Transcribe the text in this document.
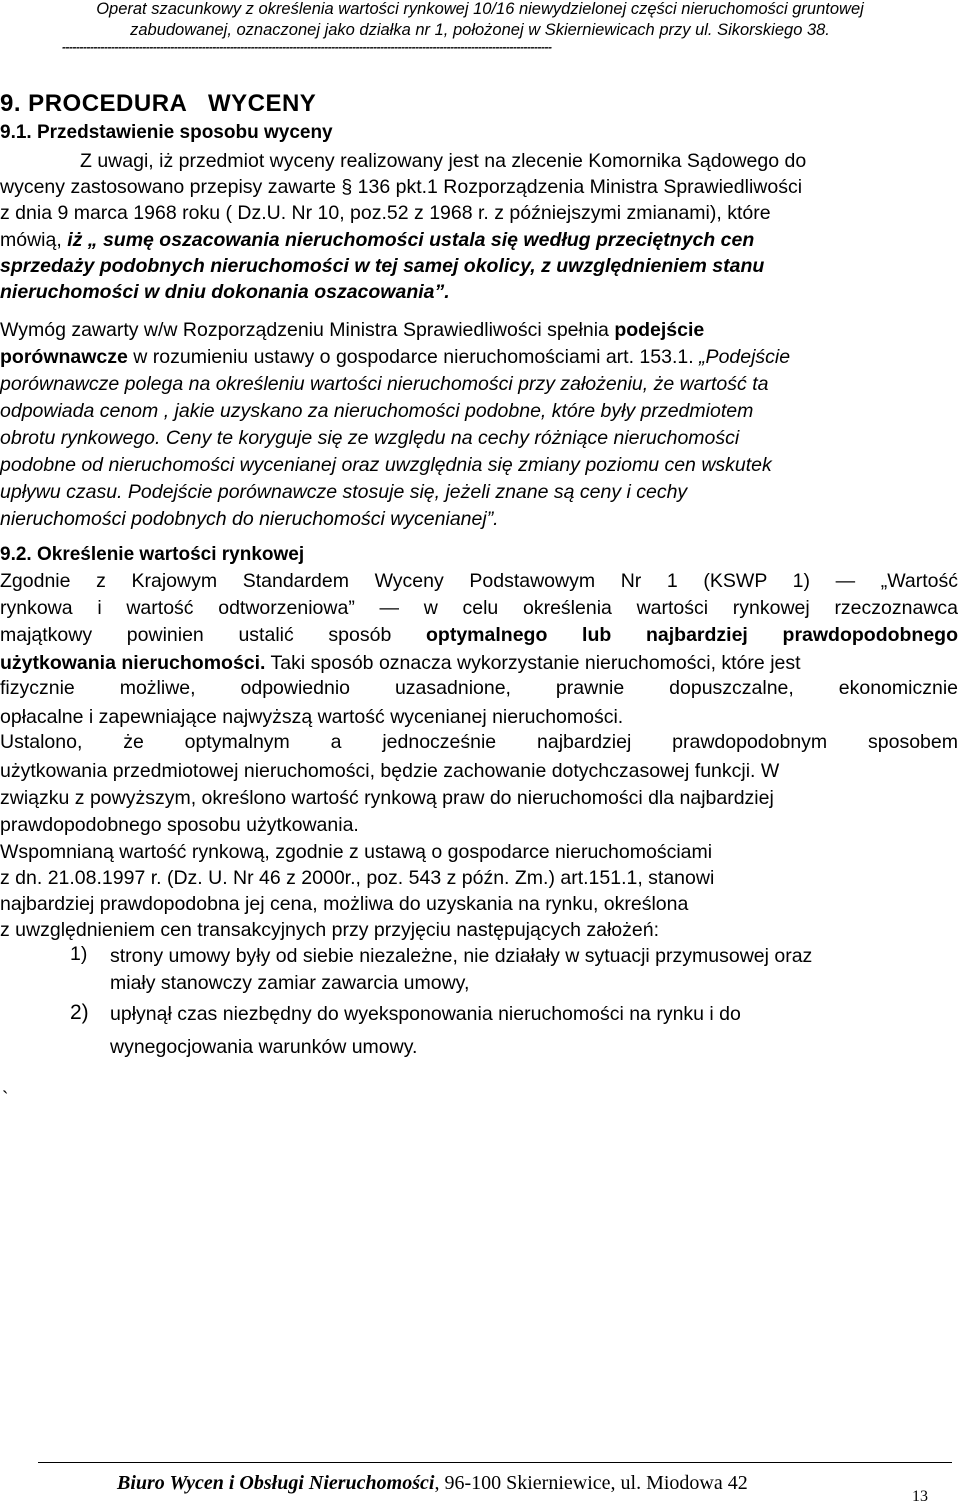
Operat szacunkowy z określenia wartości rynkowej 10/16 niewydzielonej części nieruchomości gruntowej
zabudowanej, oznaczonej jako działka nr 1, położonej w Skierniewicach przy ul. Sikorskiego 38.
--------------------------------------------------------------------------------------------------------------------------------------------
9. PROCEDURA   WYCENY
9.1. Przedstawienie sposobu wyceny
Z uwagi, iż przedmiot wyceny realizowany jest na zlecenie Komornika Sądowego do
wyceny zastosowano przepisy zawarte § 136 pkt.1 Rozporządzenia Ministra Sprawiedliwości
z dnia 9 marca 1968 roku ( Dz.U. Nr 10, poz.52 z 1968 r. z późniejszymi zmianami), które
mówią, iż „ sumę oszacowania nieruchomości ustala się według przeciętnych cen
sprzedaży podobnych nieruchomości w tej samej okolicy, z uwzględnieniem stanu
nieruchomości w dniu dokonania oszacowania”.
Wymóg zawarty w/w Rozporządzeniu Ministra Sprawiedliwości spełnia podejście
porównawcze w rozumieniu ustawy o gospodarce nieruchomościami art. 153.1. „Podejście
porównawcze polega na określeniu wartości nieruchomości przy założeniu, że wartość ta
odpowiada cenom , jakie uzyskano za nieruchomości podobne, które były przedmiotem
obrotu rynkowego. Ceny te koryguje się ze względu na cechy różniące nieruchomości
podobne od nieruchomości wycenianej oraz uwzględnia się zmiany poziomu cen wskutek
upływu czasu. Podejście porównawcze stosuje się, jeżeli znane są ceny i cechy
nieruchomości podobnych do nieruchomości wycenianej”.
9.2. Określenie wartości rynkowej
Zgodnie z Krajowym Standardem Wyceny Podstawowym Nr 1 (KSWP 1) — „Wartość
rynkowa i wartość odtworzeniowa” — w celu określenia wartości rynkowej rzeczoznawca
majątkowy powinien ustalić sposób optymalnego lub najbardziej prawdopodobnego
użytkowania nieruchomości. Taki sposób oznacza wykorzystanie nieruchomości, które jest
fizycznie możliwe, odpowiednio uzasadnione, prawnie dopuszczalne, ekonomicznie
opłacalne i zapewniające najwyższą wartość wycenianej nieruchomości.
Ustalono, że optymalnym a jednocześnie najbardziej prawdopodobnym sposobem
użytkowania przedmiotowej nieruchomości, będzie zachowanie dotychczasowej funkcji. W
związku z powyższym, określono wartość rynkową praw do nieruchomości dla najbardziej
prawdopodobnego sposobu użytkowania.
Wspomnianą wartość rynkową, zgodnie z ustawą o gospodarce nieruchomościami
z dn. 21.08.1997 r. (Dz. U. Nr 46 z 2000r., poz. 543 z późn. Zm.) art.151.1, stanowi
najbardziej prawdopodobna jej cena, możliwa do uzyskania na rynku, określona
z uwzględnieniem cen transakcyjnych przy przyjęciu następujących założeń:
1) strony umowy były od siebie niezależne, nie działały w sytuacji przymusowej oraz
miały stanowczy zamiar zawarcia umowy,
2) upłynął czas niezbędny do wyeksponowania nieruchomości na rynku i do
wynegocjowania warunków umowy.
`
Biuro Wycen i Obsługi Nieruchomości, 96-100 Skierniewice, ul. Miodowa 42
13
